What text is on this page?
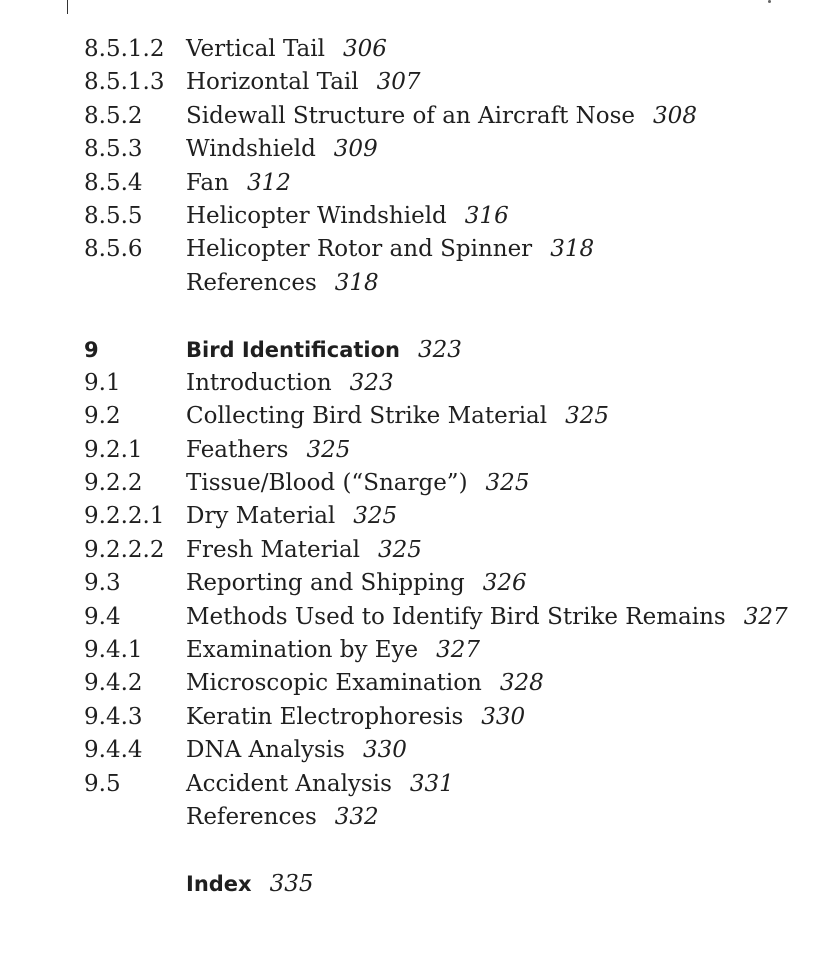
8.5.1.2 Vertical Tail 306
8.5.1.3 Horizontal Tail 307
8.5.2	Sidewall Structure of an Aircraft Nose 308
8.5.3	Windshield 309
8.5.4	Fan 312
8.5.5	Helicopter Windshield 316
8.5.6	Helicopter Rotor and Spinner 318
References 318
9	Bird Identification 323
9.1	Introduction 323
9.2	Collecting Bird Strike Material 325
9.2.1	Feathers 325
9.2.2	Tissue/Blood (“Snarge”) 325
9.2.2.1 Dry Material 325
9.2.2.2 Fresh Material 325
9.3	Reporting and Shipping 326
9.4	Methods Used to Identify Bird Strike Remains 327
9.4.1	Examination by Eye 327
9.4.2	Microscopic Examination 328
9.4.3	Keratin Electrophoresis 330
9.4.4	DNA Analysis 330
9.5	Accident Analysis 331
References 332
Index 335
